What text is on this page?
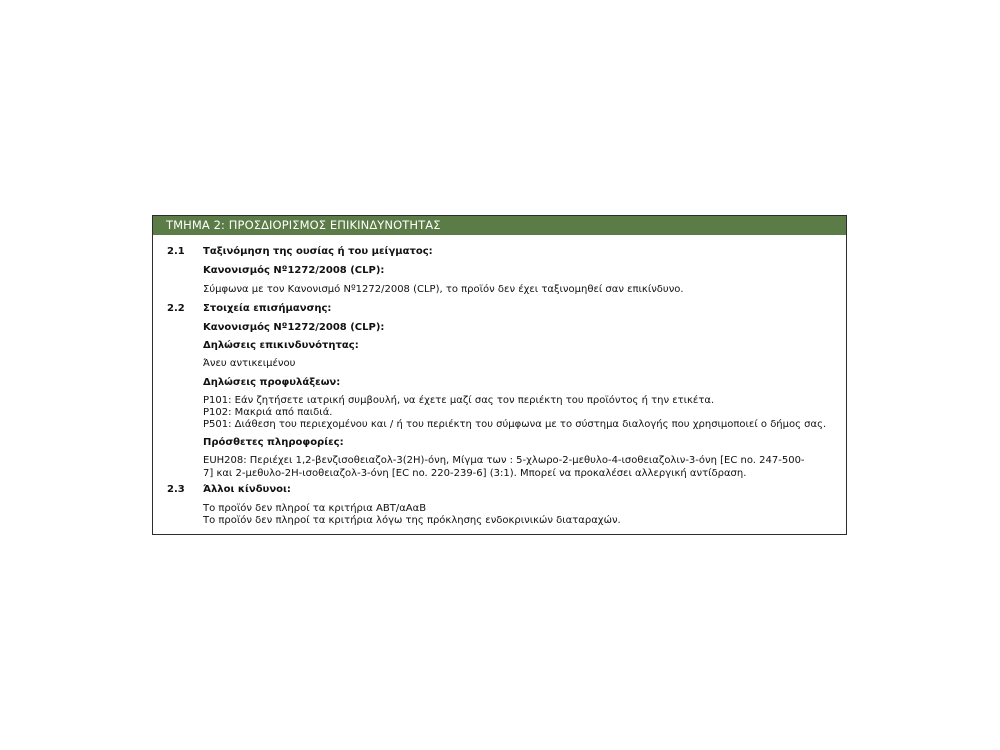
ΤΜΗΜΑ 2: ΠΡΟΣΔΙΟΡΙΣΜΟΣ ΕΠΙΚΙΝΔΥΝΟΤΗΤΑΣ
2.1 Ταξινόμηση της ουσίας ή του μείγματος:
Κανονισμός Nº1272/2008 (CLP):
Σύμφωνα με τον Κανονισμό Nº1272/2008 (CLP), το προϊόν δεν έχει ταξινομηθεί σαν επικίνδυνο.
2.2 Στοιχεία επισήμανσης:
Κανονισμός Nº1272/2008 (CLP):
Δηλώσεις επικινδυνότητας:
Άνευ αντικειμένου
Δηλώσεις προφυλάξεων:
P101: Εάν ζητήσετε ιατρική συμβουλή, να έχετε μαζί σας τον περιέκτη του προϊόντος ή την ετικέτα.
P102: Μακριά από παιδιά.
P501: Διάθεση του περιεχομένου και / ή του περιέκτη του σύμφωνα με το σύστημα διαλογής που χρησιμοποιεί ο δήμος σας.
Πρόσθετες πληροφορίες:
EUH208: Περιέχει 1,2-βενζισοθειαζολ-3(2H)-όνη, Μίγμα των : 5-χλωρο-2-μεθυλο-4-ισοθειαζολιν-3-όνη [EC no. 247-500-7] και 2-μεθυλο-2H-ισοθειαζολ-3-όνη [EC no. 220-239-6] (3:1). Μπορεί να προκαλέσει αλλεργική αντίδραση.
2.3 Άλλοι κίνδυνοι:
Το προϊόν δεν πληροί τα κριτήρια ΑΒΤ/αΑαΒ
Το προϊόν δεν πληροί τα κριτήρια λόγω της πρόκλησης ενδοκρινικών διαταραχών.
